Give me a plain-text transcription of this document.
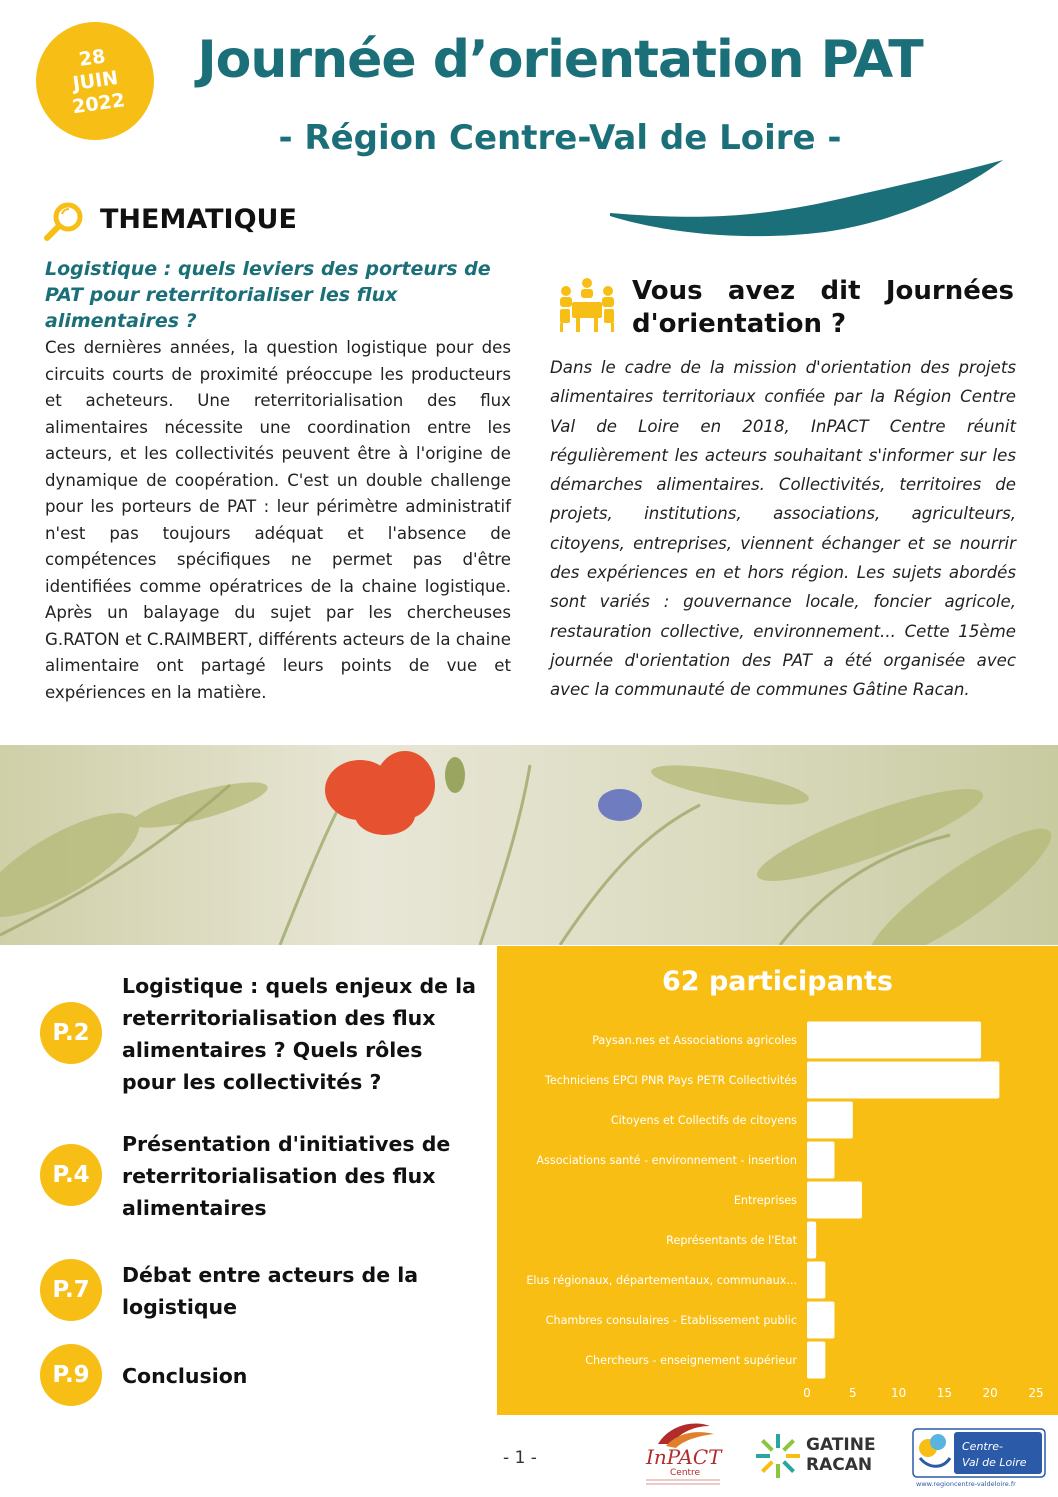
28
JUIN
2022
Journée d’orientation PAT
- Région Centre-Val de Loire -
THEMATIQUE
Logistique : quels leviers des porteurs de PAT pour reterritorialiser les flux alimentaires ?
Ces dernières années, la question logistique pour des circuits courts de proximité préoccupe les producteurs et acheteurs. Une reterritorialisation des flux alimentaires nécessite une coordination entre les acteurs, et les collectivités peuvent être à l'origine de dynamique de coopération. C'est un double challenge pour les porteurs de PAT : leur périmètre administratif n'est pas toujours adéquat et l'absence de compétences spécifiques ne permet pas d'être identifiées comme opératrices de la chaine logistique. Après un balayage du sujet par les chercheuses G.RATON et C.RAIMBERT, différents acteurs de la chaine alimentaire ont partagé leurs points de vue et expériences en la matière.
Vous avez dit Journées d'orientation ?
Dans le cadre de la mission d'orientation des projets alimentaires territoriaux confiée par la Région Centre Val de Loire en 2018, InPACT Centre réunit régulièrement les acteurs souhaitant s'informer sur les démarches alimentaires. Collectivités, territoires de projets, institutions, associations, agriculteurs, citoyens, entreprises, viennent échanger et se nourrir des expériences en et hors région. Les sujets abordés sont variés : gouvernance locale, foncier agricole, restauration collective, environnement... Cette 15ème journée d'orientation des PAT a été organisée avec avec la communauté de communes Gâtine Racan.
P.2
Logistique : quels enjeux de la reterritorialisation des flux alimentaires ? Quels rôles pour les collectivités ?
P.4
Présentation d'initiatives de reterritorialisation des flux alimentaires
P.7
Débat entre acteurs de la logistique
P.9	Conclusion
62 participants
Paysan.nes et Associations agricoles
Techniciens EPCI PNR Pays PETR Collectivités
Citoyens et Collectifs de citoyens
Associations santé - environnement - insertion
Entreprises
Représentants de l'Etat
Elus régionaux, départementaux, communaux...
Chambres consulaires - Etablissement public
Chercheurs - enseignement supérieur
0	5	10	15	20	25
- 1 -	InPACT
Centre
GATINE
RACAN
Centre-
Val de Loire
www.regioncentre-valdeloire.fr
